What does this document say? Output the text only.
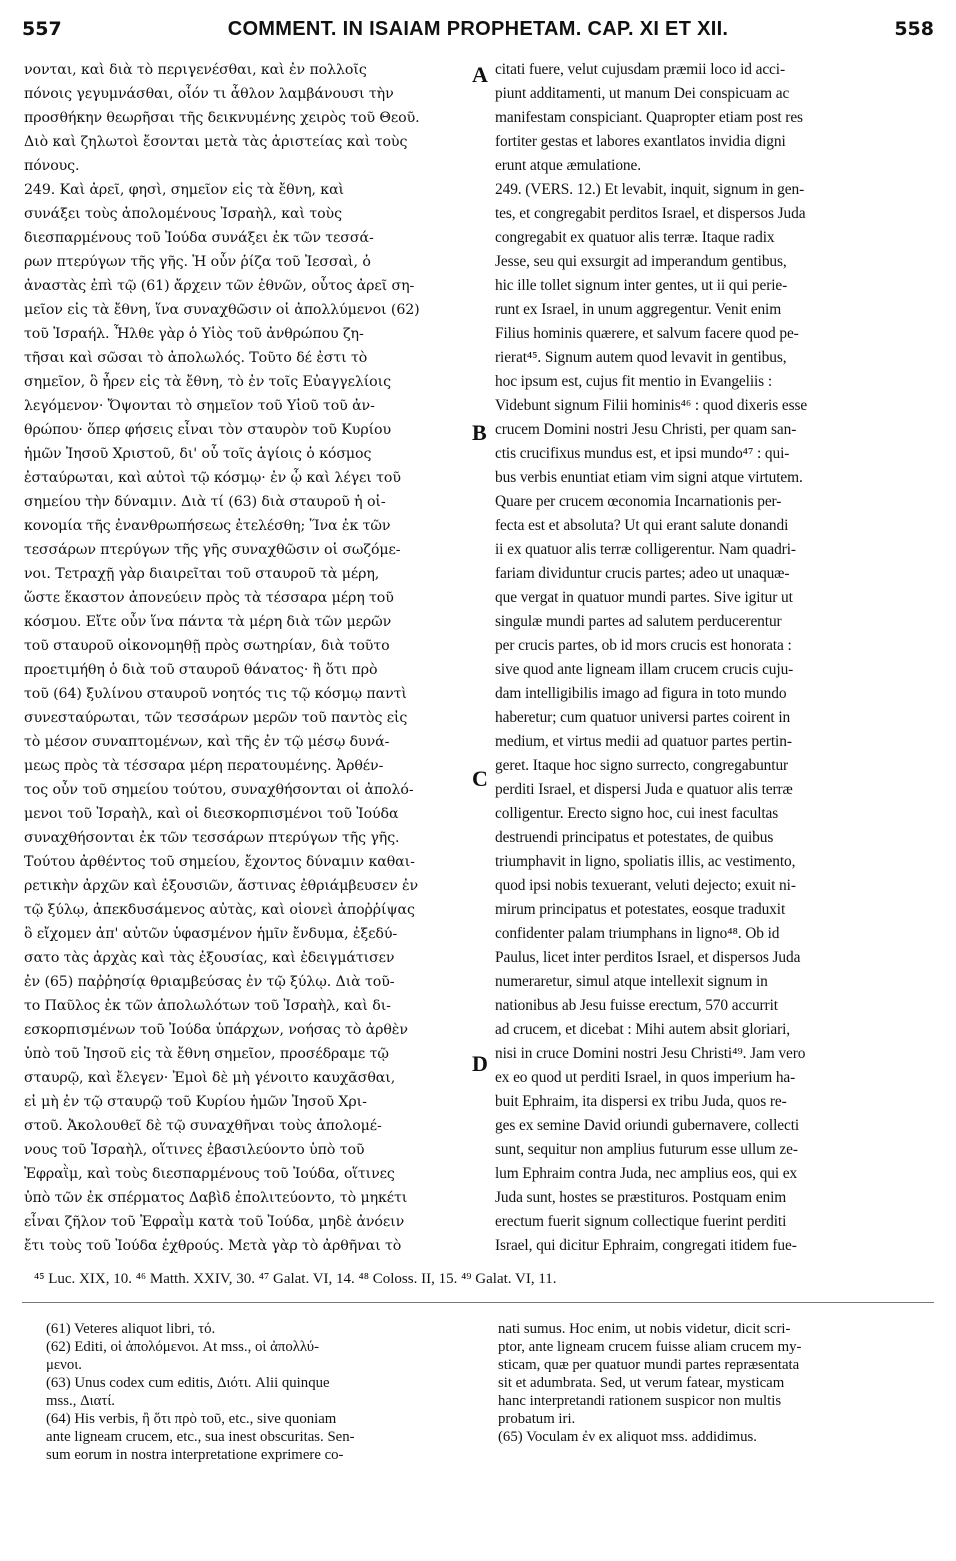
557	COMMENT. IN ISAIAM PROPHETAM. CAP. XI ET XII.	558
νονται, καὶ διὰ τὸ περιγενέσθαι, καὶ ἐν πολλοῖς
πόνοις γεγυμνάσθαι, οἷόν τι ἆθλον λαμβάνουσι τὴν
προσθήκην θεωρῆσαι τῆς δεικνυμένης χειρὸς τοῦ Θεοῦ.
Διὸ καὶ ζηλωτοὶ ἔσονται μετὰ τὰς ἀριστείας καὶ τοὺς
πόνους.
249. Καὶ ἀρεῖ, φησὶ, σημεῖον εἰς τὰ ἔθνη, καὶ
συνάξει τοὺς ἀπολομένους Ἰσραὴλ, καὶ τοὺς
διεσπαρμένους τοῦ Ἰούδα συνάξει ἐκ τῶν τεσσά-
ρων πτερύγων τῆς γῆς. Ἡ οὖν ῥίζα τοῦ Ἰεσσαὶ, ὁ
ἀναστὰς ἐπὶ τῷ (61) ἄρχειν τῶν ἐθνῶν, οὗτος ἀρεῖ ση-
μεῖον εἰς τὰ ἔθνη, ἵνα συναχθῶσιν οἱ ἀπολλύμενοι (62)
τοῦ Ἰσραήλ. Ἦλθε γὰρ ὁ Υἱὸς τοῦ ἀνθρώπου ζη-
τῆσαι καὶ σῶσαι τὸ ἀπολωλός. Τοῦτο δέ ἐστι τὸ
σημεῖον, ὃ ἦρεν εἰς τὰ ἔθνη, τὸ ἐν τοῖς Εὐαγγελίοις
λεγόμενον· Ὄψονται τὸ σημεῖον τοῦ Υἱοῦ τοῦ ἀν-
θρώπου· ὅπερ φήσεις εἶναι τὸν σταυρὸν τοῦ Κυρίου
ἡμῶν Ἰησοῦ Χριστοῦ, δι' οὗ τοῖς ἁγίοις ὁ κόσμος
ἐσταύρωται, καὶ αὐτοὶ τῷ κόσμῳ· ἐν ᾧ καὶ λέγει τοῦ
σημείου τὴν δύναμιν. Διὰ τί (63) διὰ σταυροῦ ἡ οἰ-
κονομία τῆς ἐνανθρωπήσεως ἐτελέσθη; Ἵνα ἐκ τῶν
τεσσάρων πτερύγων τῆς γῆς συναχθῶσιν οἱ σωζόμε-
νοι. Τετραχῇ γὰρ διαιρεῖται τοῦ σταυροῦ τὰ μέρη,
ὥστε ἕκαστον ἀπονεύειν πρὸς τὰ τέσσαρα μέρη τοῦ
κόσμου. Εἴτε οὖν ἵνα πάντα τὰ μέρη διὰ τῶν μερῶν
τοῦ σταυροῦ οἰκονομηθῇ πρὸς σωτηρίαν, διὰ τοῦτο
προετιμήθη ὁ διὰ τοῦ σταυροῦ θάνατος· ἢ ὅτι πρὸ
τοῦ (64) ξυλίνου σταυροῦ νοητός τις τῷ κόσμῳ παντὶ
συνεσταύρωται, τῶν τεσσάρων μερῶν τοῦ παντὸς εἰς
τὸ μέσον συναπτομένων, καὶ τῆς ἐν τῷ μέσῳ δυνά-
μεως πρὸς τὰ τέσσαρα μέρη περατουμένης. Ἀρθέν-
τος οὖν τοῦ σημείου τούτου, συναχθήσονται οἱ ἀπολό-
μενοι τοῦ Ἰσραὴλ, καὶ οἱ διεσκορπισμένοι τοῦ Ἰούδα
συναχθήσονται ἐκ τῶν τεσσάρων πτερύγων τῆς γῆς.
Τούτου ἀρθέντος τοῦ σημείου, ἔχοντος δύναμιν καθαι-
ρετικὴν ἀρχῶν καὶ ἐξουσιῶν, ἅστινας ἐθριάμβευσεν ἐν
τῷ ξύλῳ, ἀπεκδυσάμενος αὐτὰς, καὶ οἱονεὶ ἀποῤῥίψας
ὃ εἴχομεν ἀπ' αὐτῶν ὑφασμένον ἡμῖν ἔνδυμα, ἐξεδύ-
σατο τὰς ἀρχὰς καὶ τὰς ἐξουσίας, καὶ ἐδειγμάτισεν
ἐν (65) παῤῥησίᾳ θριαμβεύσας ἐν τῷ ξύλῳ. Διὰ τοῦ-
το Παῦλος ἐκ τῶν ἀπολωλότων τοῦ Ἰσραὴλ, καὶ δι-
εσκορπισμένων τοῦ Ἰούδα ὑπάρχων, νοήσας τὸ ἀρθὲν
ὑπὸ τοῦ Ἰησοῦ εἰς τὰ ἔθνη σημεῖον, προσέδραμε τῷ
σταυρῷ, καὶ ἔλεγεν· Ἐμοὶ δὲ μὴ γένοιτο καυχᾶσθαι,
εἰ μὴ ἐν τῷ σταυρῷ τοῦ Κυρίου ἡμῶν Ἰησοῦ Χρι-
στοῦ. Ἀκολουθεῖ δὲ τῷ συναχθῆναι τοὺς ἀπολομέ-
νους τοῦ Ἰσραὴλ, οἵτινες ἐβασιλεύοντο ὑπὸ τοῦ
Ἐφραῒμ, καὶ τοὺς διεσπαρμένους τοῦ Ἰούδα, οἵτινες
ὑπὸ τῶν ἐκ σπέρματος Δαβὶδ ἐπολιτεύοντο, τὸ μηκέτι
εἶναι ζῆλον τοῦ Ἐφραῒμ κατὰ τοῦ Ἰούδα, μηδὲ ἀνόειν
ἔτι τοὺς τοῦ Ἰούδα ἐχθρούς. Μετὰ γὰρ τὸ ἀρθῆναι τὸ
A
B
C
D
citati fuere, velut cujusdam præmii loco id acci-
piunt additamenti, ut manum Dei conspicuam ac
manifestam conspiciant. Quapropter etiam post res
fortiter gestas et labores exantlatos invidia digni
erunt atque æmulatione.
249. (VERS. 12.) Et levabit, inquit, signum in gen-
tes, et congregabit perditos Israel, et dispersos Juda
congregabit ex quatuor alis terræ. Itaque radix
Jesse, seu qui exsurgit ad imperandum gentibus,
hic ille tollet signum inter gentes, ut ii qui perie-
runt ex Israel, in unum aggregentur. Venit enim
Filius hominis quærere, et salvum facere quod pe-
rierat⁴⁵. Signum autem quod levavit in gentibus,
hoc ipsum est, cujus fit mentio in Evangeliis :
Videbunt signum Filii hominis⁴⁶ : quod dixeris esse
crucem Domini nostri Jesu Christi, per quam san-
ctis crucifixus mundus est, et ipsi mundo⁴⁷ : qui-
bus verbis enuntiat etiam vim signi atque virtutem.
Quare per crucem œconomia Incarnationis per-
fecta est et absoluta? Ut qui erant salute donandi
ii ex quatuor alis terræ colligerentur. Nam quadri-
fariam dividuntur crucis partes; adeo ut unaquæ-
que vergat in quatuor mundi partes. Sive igitur ut
singulæ mundi partes ad salutem perducerentur
per crucis partes, ob id mors crucis est honorata :
sive quod ante ligneam illam crucem crucis cuju-
dam intelligibilis imago ad figura in toto mundo
haberetur; cum quatuor universi partes coirent in
medium, et virtus medii ad quatuor partes pertin-
geret. Itaque hoc signo surrecto, congregabuntur
perditi Israel, et dispersi Juda e quatuor alis terræ
colligentur. Erecto signo hoc, cui inest facultas
destruendi principatus et potestates, de quibus
triumphavit in ligno, spoliatis illis, ac vestimento,
quod ipsi nobis texuerant, veluti dejecto; exuit ni-
mirum principatus et potestates, eosque traduxit
confidenter palam triumphans in ligno⁴⁸. Ob id
Paulus, licet inter perditos Israel, et dispersos Juda
numeraretur, simul atque intellexit signum in
nationibus ab Jesu fuisse erectum, 570 accurrit
ad crucem, et dicebat : Mihi autem absit gloriari,
nisi in cruce Domini nostri Jesu Christi⁴⁹. Jam vero
ex eo quod ut perditi Israel, in quos imperium ha-
buit Ephraim, ita dispersi ex tribu Juda, quos re-
ges ex semine David oriundi gubernavere, collecti
sunt, sequitur non amplius futurum esse ullum ze-
lum Ephraim contra Juda, nec amplius eos, qui ex
Juda sunt, hostes se præstituros. Postquam enim
erectum fuerit signum collectique fuerint perditi
Israel, qui dicitur Ephraim, congregati itidem fue-
⁴⁵ Luc. XIX, 10. ⁴⁶ Matth. XXIV, 30. ⁴⁷ Galat. VI, 14. ⁴⁸ Coloss. II, 15. ⁴⁹ Galat. VI, 11.
(61) Veteres aliquot libri, τό.
(62) Editi, οἱ ἀπολόμενοι. At mss., οἱ ἀπολλύ-
μενοι.
(63) Unus codex cum editis, Διότι. Alii quinque
mss., Διατί.
(64) His verbis, ἢ ὅτι πρὸ τοῦ, etc., sive quoniam
ante ligneam crucem, etc., sua inest obscuritas. Sen-
sum eorum in nostra interpretatione exprimere co-
nati sumus. Hoc enim, ut nobis videtur, dicit scri-
ptor, ante ligneam crucem fuisse aliam crucem my-
sticam, quæ per quatuor mundi partes repræsentata
sit et adumbrata. Sed, ut verum fatear, mysticam
hanc interpretandi rationem suspicor non multis
probatum iri.
(65) Voculam ἐν ex aliquot mss. addidimus.
